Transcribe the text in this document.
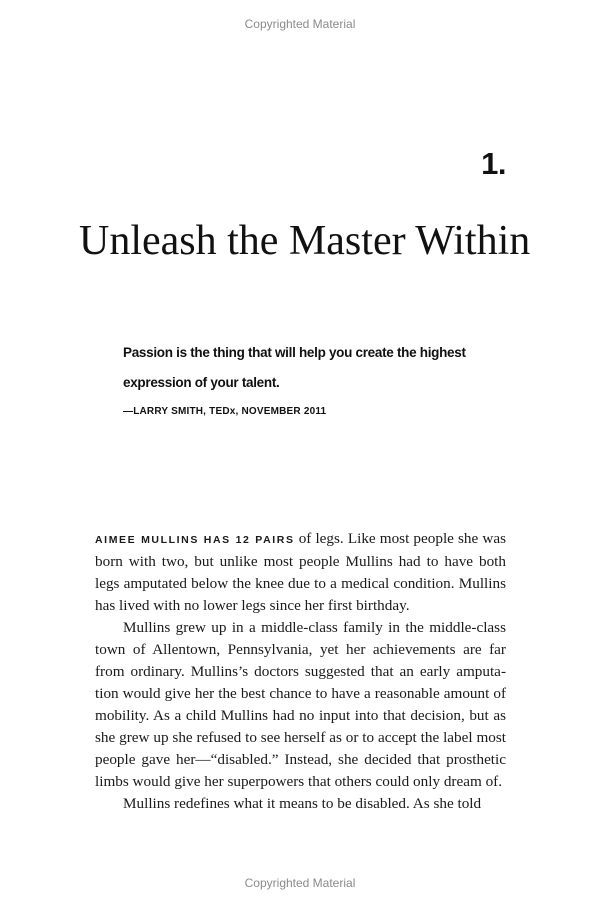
Copyrighted Material
1.
Unleash the Master Within

Passion is the thing that will help you create the highest expression of your talent.

—LARRY SMITH, TEDx, NOVEMBER 2011

AIMEE MULLINS HAS 12 PAIRS of legs. Like most people she was born with two, but unlike most people Mullins had to have both legs amputated below the knee due to a medical condition. Mullins has lived with no lower legs since her first birthday.

Mullins grew up in a middle-class family in the middle-class town of Allentown, Pennsylvania, yet her achievements are far from ordinary. Mullins’s doctors suggested that an early amputation would give her the best chance to have a reasonable amount of mobility. As a child Mullins had no input into that decision, but as she grew up she refused to see herself as or to accept the label most people gave her—“disabled.” Instead, she decided that prosthetic limbs would give her superpowers that others could only dream of.

Mullins redefines what it means to be disabled. As she told

Copyrighted Material
